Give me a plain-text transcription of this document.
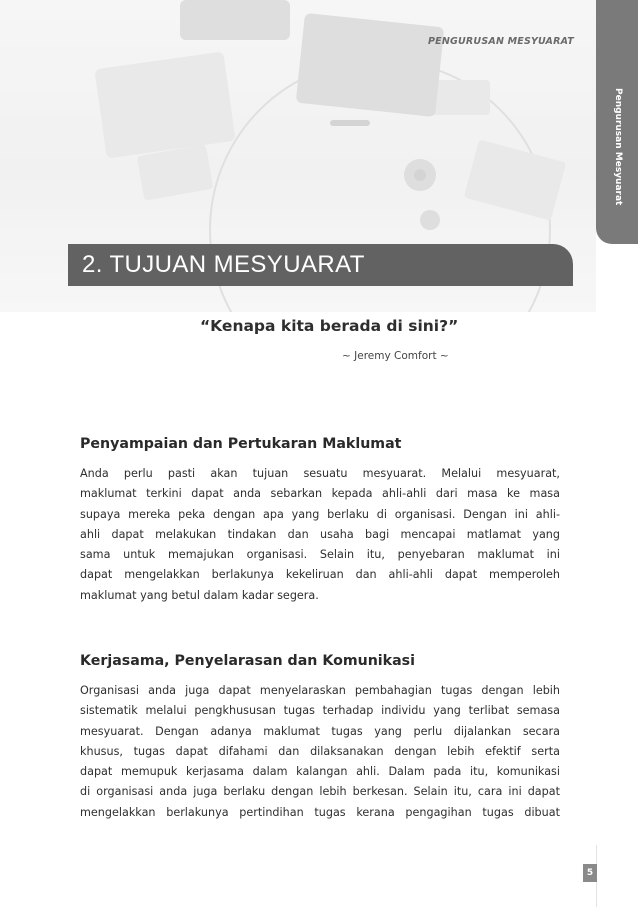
PENGURUSAN MESYUARAT
Pengurusan Mesyuarat
2. TUJUAN MESYUARAT
“Kenapa kita berada di sini?”
~ Jeremy Comfort ~
Penyampaian dan Pertukaran Maklumat

Anda perlu pasti akan tujuan sesuatu mesyuarat. Melalui mesyuarat,
maklumat terkini dapat anda sebarkan kepada ahli-ahli dari masa ke masa
supaya mereka peka dengan apa yang berlaku di organisasi. Dengan ini ahli-
ahli dapat melakukan tindakan dan usaha bagi mencapai matlamat yang
sama untuk memajukan organisasi. Selain itu, penyebaran maklumat ini
dapat mengelakkan berlakunya kekeliruan dan ahli-ahli dapat memperoleh
maklumat yang betul dalam kadar segera.

Kerjasama, Penyelarasan dan Komunikasi

Organisasi anda juga dapat menyelaraskan pembahagian tugas dengan lebih
sistematik melalui pengkhususan tugas terhadap individu yang terlibat semasa
mesyuarat. Dengan adanya maklumat tugas yang perlu dijalankan secara
khusus, tugas dapat difahami dan dilaksanakan dengan lebih efektif serta
dapat memupuk kerjasama dalam kalangan ahli. Dalam pada itu, komunikasi
di organisasi anda juga berlaku dengan lebih berkesan. Selain itu, cara ini dapat
mengelakkan berlakunya pertindihan tugas kerana pengagihan tugas dibuat

5
